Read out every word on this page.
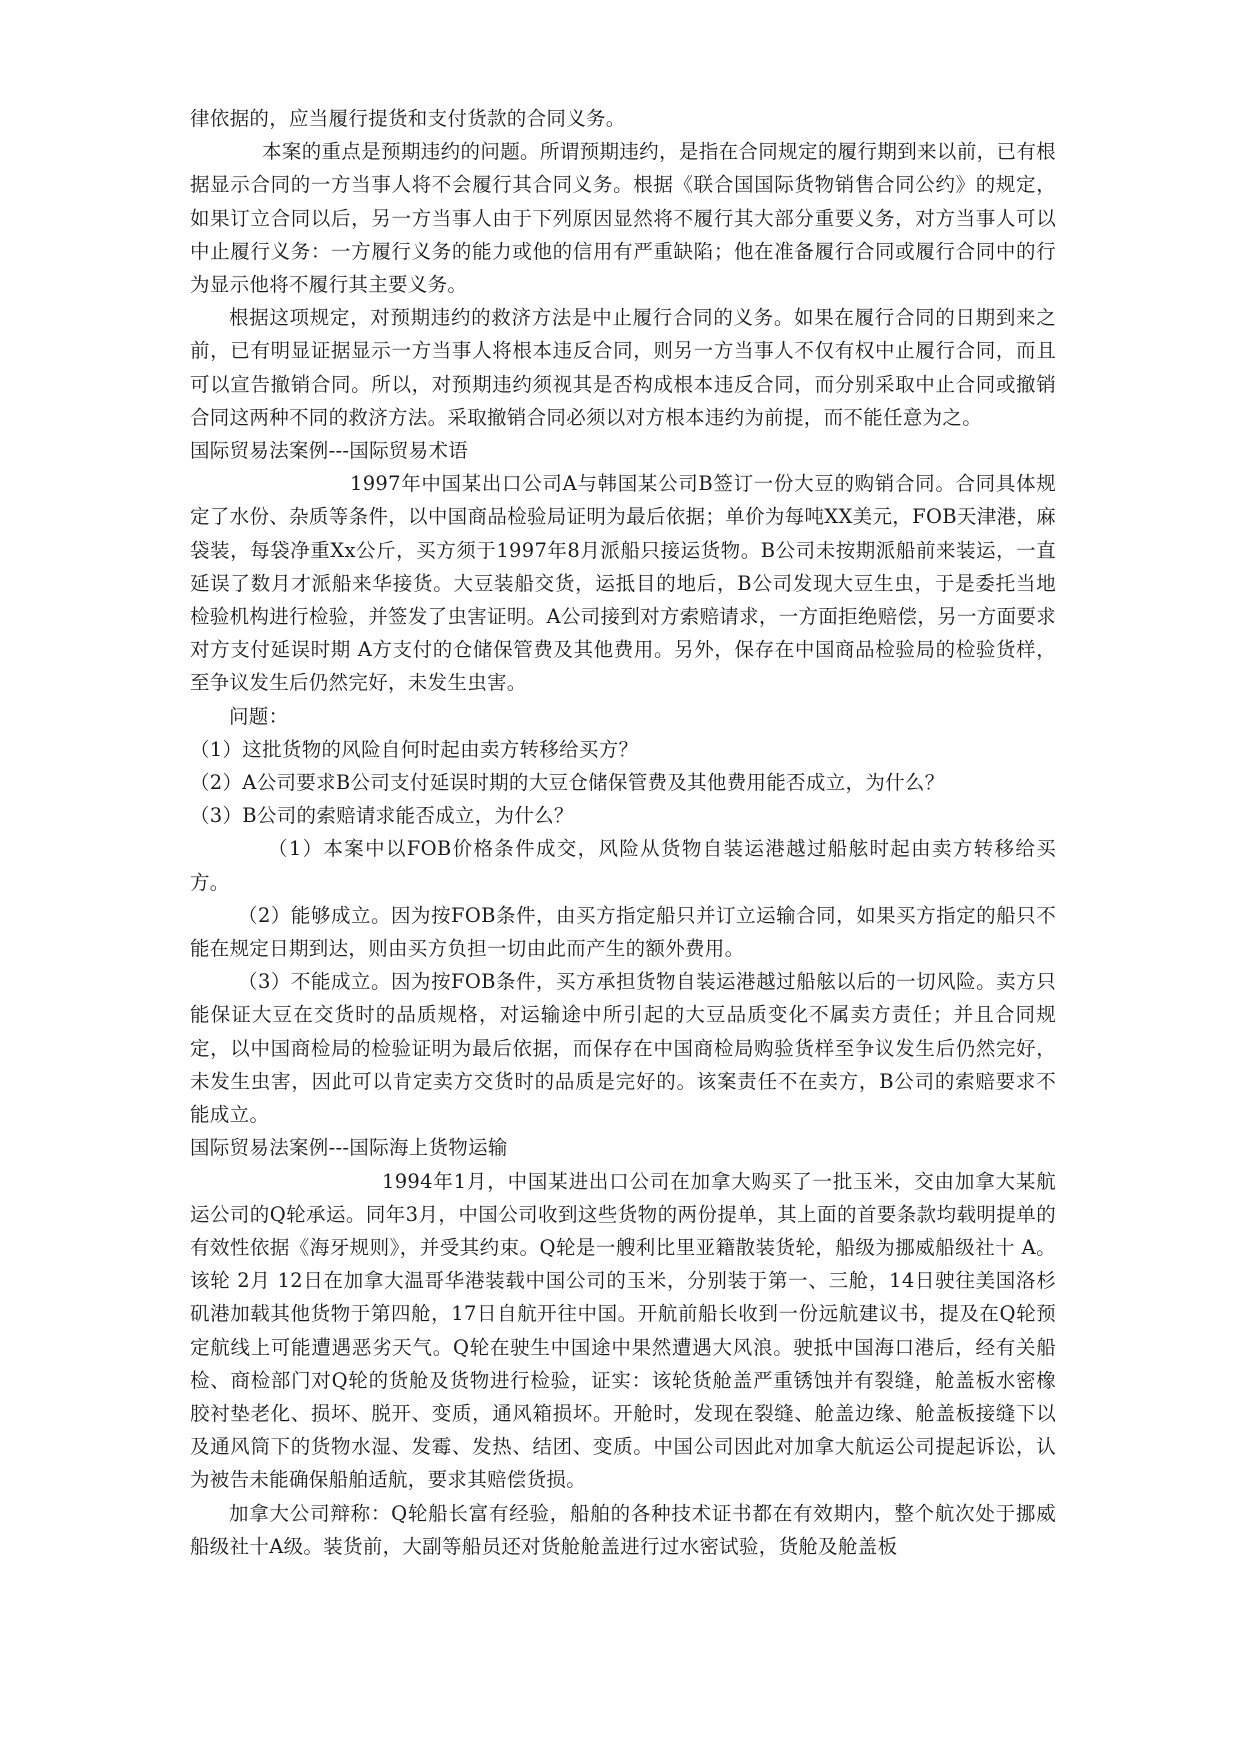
律依据的，应当履行提货和支付货款的合同义务。

本案的重点是预期违约的问题。所谓预期违约，是指在合同规定的履行期到来以前，已有根据显示合同的一方当事人将不会履行其合同义务。根据《联合国国际货物销售合同公约》的规定，如果订立合同以后，另一方当事人由于下列原因显然将不履行其大部分重要义务，对方当事人可以中止履行义务：一方履行义务的能力或他的信用有严重缺陷；他在准备履行合同或履行合同中的行为显示他将不履行其主要义务。

根据这项规定，对预期违约的救济方法是中止履行合同的义务。如果在履行合同的日期到来之前，已有明显证据显示一方当事人将根本违反合同，则另一方当事人不仅有权中止履行合同，而且可以宣告撤销合同。所以，对预期违约须视其是否构成根本违反合同，而分别采取中止合同或撤销合同这两种不同的救济方法。采取撤销合同必须以对方根本违约为前提，而不能任意为之。

国际贸易法案例---国际贸易术语

1997年中国某出口公司A与韩国某公司B签订一份大豆的购销合同。合同具体规定了水份、杂质等条件，以中国商品检验局证明为最后依据；单价为每吨XX美元，FOB天津港，麻袋装，每袋净重Xx公斤，买方须于1997年8月派船只接运货物。B公司未按期派船前来装运，一直延误了数月才派船来华接货。大豆装船交货，运抵目的地后，B公司发现大豆生虫，于是委托当地检验机构进行检验，并签发了虫害证明。A公司接到对方索赔请求，一方面拒绝赔偿，另一方面要求对方支付延误时期 A方支付的仓储保管费及其他费用。另外，保存在中国商品检验局的检验货样，至争议发生后仍然完好，未发生虫害。

问题：

（1）这批货物的风险自何时起由卖方转移给买方？

（2）A公司要求B公司支付延误时期的大豆仓储保管费及其他费用能否成立，为什么？

（3）B公司的索赔请求能否成立，为什么？

（1）本案中以FOB价格条件成交，风险从货物自装运港越过船舷时起由卖方转移给买方。

（2）能够成立。因为按FOB条件，由买方指定船只并订立运输合同，如果买方指定的船只不能在规定日期到达，则由买方负担一切由此而产生的额外费用。

（3）不能成立。因为按FOB条件，买方承担货物自装运港越过船舷以后的一切风险。卖方只能保证大豆在交货时的品质规格，对运输途中所引起的大豆品质变化不属卖方责任；并且合同规定，以中国商检局的检验证明为最后依据，而保存在中国商检局购验货样至争议发生后仍然完好，未发生虫害，因此可以肯定卖方交货时的品质是完好的。该案责任不在卖方，B公司的索赔要求不能成立。

国际贸易法案例---国际海上货物运输

1994年1月，中国某进出口公司在加拿大购买了一批玉米，交由加拿大某航运公司的Q轮承运。同年3月，中国公司收到这些货物的两份提单，其上面的首要条款均载明提单的有效性依据《海牙规则》，并受其约束。Q轮是一艘利比里亚籍散装货轮，船级为挪威船级社十 A。该轮 2月 12日在加拿大温哥华港装载中国公司的玉米，分别装于第一、三舱，14日驶往美国洛杉矶港加载其他货物于第四舱，17日自航开往中国。开航前船长收到一份远航建议书，提及在Q轮预定航线上可能遭遇恶劣天气。Q轮在驶生中国途中果然遭遇大风浪。驶抵中国海口港后，经有关船检、商检部门对Q轮的货舱及货物进行检验，证实：该轮货舱盖严重锈蚀并有裂缝，舱盖板水密橡胶衬垫老化、损坏、脱开、变质，通风箱损坏。开舱时，发现在裂缝、舱盖边缘、舱盖板接缝下以及通风筒下的货物水湿、发霉、发热、结团、变质。中国公司因此对加拿大航运公司提起诉讼，认为被告未能确保船舶适航，要求其赔偿货损。

加拿大公司辩称：Q轮船长富有经验，船舶的各种技术证书都在有效期内，整个航次处于挪威船级社十A级。装货前，大副等船员还对货舱舱盖进行过水密试验，货舱及舱盖板
